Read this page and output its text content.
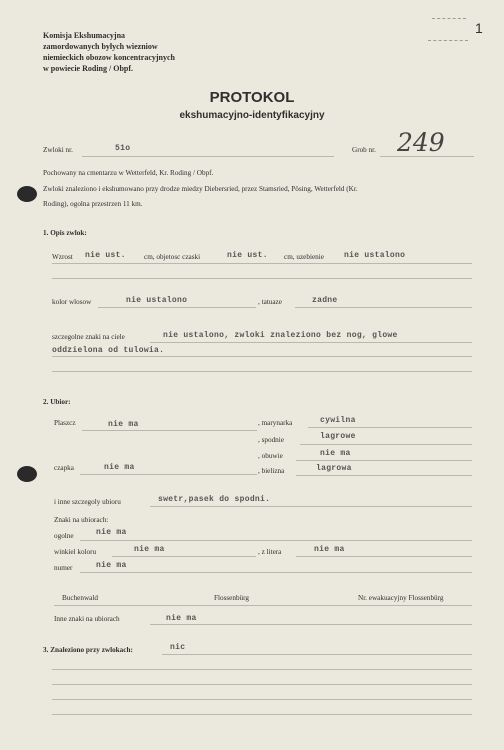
1
Komisja Ekshumacyjna
zamordowanych byłych wiezniow
niemieckich obozow koncentracyjnych
w powiecie Roding / Obpf.
PROTOKOL
ekshumacyjno-identyfikacyjny
Zwloki nr.	51o	Grob nr. 249
Pochowany na cmentarzu w Wetterfeld, Kr. Roding / Obpf.
Zwloki znaleziono i ekshumowano przy drodze miedzy Diebersried, przez Stamsried, Pösing, Wetterfeld (Kr.
Roding), ogolna przestrzen 11 km.
1. Opis zwlok:
Wzrost nie ust.	cm, objetosc czaski	nie ust. cm, uzebienie	nie ustalono
kolor wlosow	nie ustalono	, tatuaze	zadne
szczegolne znaki na ciele	nie ustalono, zwloki znaleziono bez nog, glowe
oddzielona od tulowia.
2. Ubior:
Plaszcz	nie ma	, marynarka	cywilna
, spodnie	lagrowe
, obuwie	nie ma
czapka	nie ma	, bielizna	lagrowa
i inne szczegoly ubioru	swetr,pasek do spodni.
Znaki na ubiorach:
ogolne	nie ma
winkiel koloru	nie ma	, z litera	nie ma
numer	nie ma
Buchenwald	Flossenbürg	Nr. ewakuacyjny Flossenbürg
Inne znaki na ubiorach	nie ma
3. Znaleziono przy zwlokach:	nic
